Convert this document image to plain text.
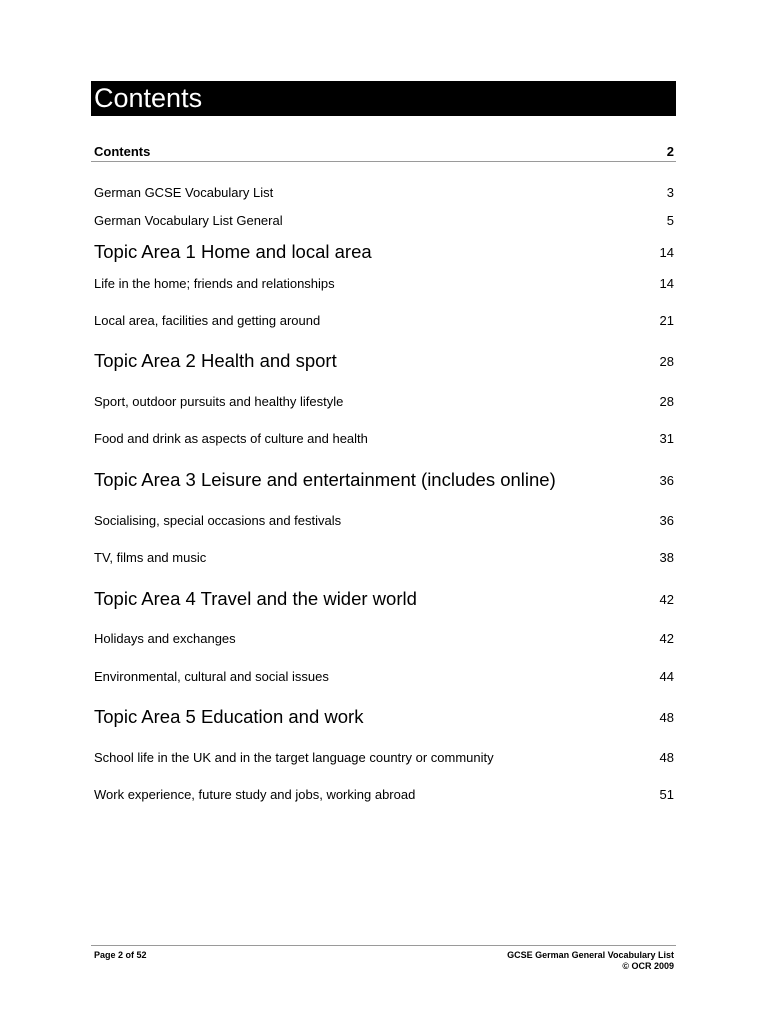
Contents
Contents	2
German GCSE Vocabulary List	3
German Vocabulary List General	5
Topic Area 1 Home and local area	14
Life in the home; friends and relationships	14
Local area, facilities and getting around	21
Topic Area 2 Health and sport	28
Sport, outdoor pursuits and healthy lifestyle	28
Food and drink as aspects of culture and health	31
Topic Area 3 Leisure and entertainment (includes online)	36
Socialising, special occasions and festivals	36
TV, films and music	38
Topic Area 4 Travel and the wider world	42
Holidays and exchanges	42
Environmental, cultural and social issues	44
Topic Area 5 Education and work	48
School life in the UK and in the target language country or community	48
Work experience, future study and jobs, working abroad	51
Page 2 of 52	GCSE German General Vocabulary List
© OCR 2009
